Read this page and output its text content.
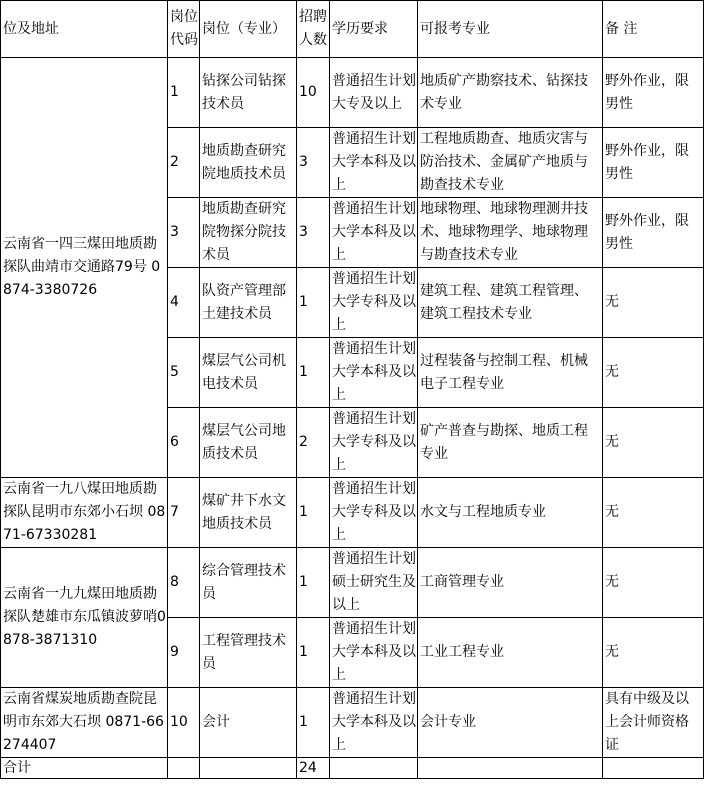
位及地址	岗位代码	岗位（专业）	招聘人数	学历要求	可报考专业	备 注
云南省一四三煤田地质勘探队曲靖市交通路79号 0874-3380726	1	钻探公司钻探技术员	10	普通招生计划大专及以上	地质矿产勘察技术、钻探技术专业	野外作业，限男性
	2	地质勘查研究院地质技术员	3	普通招生计划大学本科及以上	工程地质勘查、地质灾害与防治技术、金属矿产地质与勘查技术专业	野外作业，限男性
	3	地质勘查研究院物探分院技术员	3	普通招生计划大学本科及以上	地球物理、地球物理测井技术、地球物理学、地球物理与勘查技术专业	野外作业，限男性
	4	队资产管理部土建技术员	1	普通招生计划大学专科及以上	建筑工程、建筑工程管理、建筑工程技术专业	无
	5	煤层气公司机电技术员	1	普通招生计划大学本科及以上	过程装备与控制工程、机械电子工程专业	无
	6	煤层气公司地质技术员	2	普通招生计划大学专科及以上	矿产普查与勘探、地质工程专业	无
云南省一九八煤田地质勘探队昆明市东郊小石坝 0871-67330281	7	煤矿井下水文地质技术员	1	普通招生计划大学专科及以上	水文与工程地质专业	无
云南省一九九煤田地质勘探队楚雄市东瓜镇波萝哨0878-3871310	8	综合管理技术员	1	普通招生计划硕士研究生及以上	工商管理专业	无
	9	工程管理技术员	1	普通招生计划大学本科及以上	工业工程专业	无
云南省煤炭地质勘查院昆明市东郊大石坝 0871-66274407	10	会计	1	普通招生计划大学本科及以上	会计专业	具有中级及以上会计师资格证
合计			24			
